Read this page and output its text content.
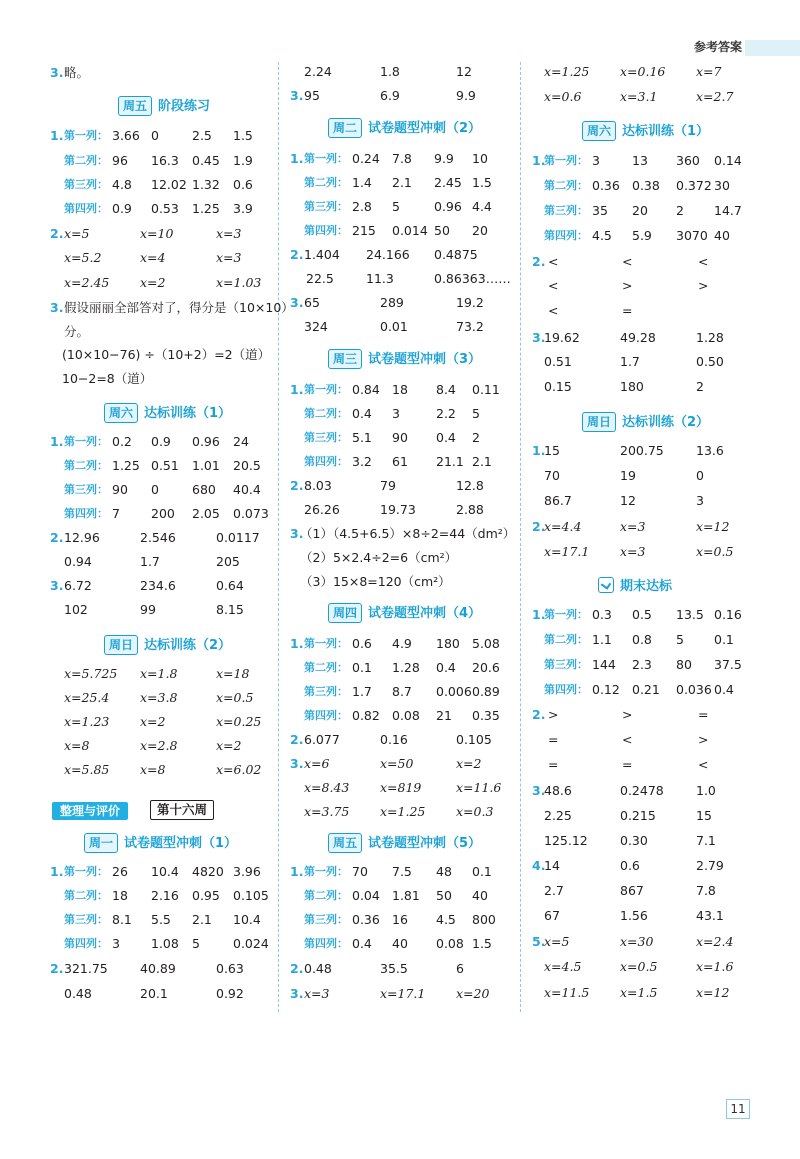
参考答案
3. 略。
周五 阶段练习
1. 第一列： 3.66 0	2.5 1.5
第二列： 96 16.3 0.45 1.9
第三列： 4.8 12.02 1.32 0.6
第四列： 0.9 0.53 1.25 3.9
2. x=5	x=10	x=3
x=5.2	x=4	x=3
x=2.45 x=2	x=1.03
3. 假设丽丽全部答对了，得分是（10×10）
分。
(10×10−76) ÷（10+2）=2（道）
10−2=8（道）
周六 达标训练（1）
1. 第一列： 0.2 0.9 0.96 24
第二列： 1.25 0.51 1.01 20.5
第三列： 90 0	680 40.4
第四列： 7 200 2.05 0.073
2. 12.96	2.546	0.0117
0.94	1.7	205
3. 6.72	234.6	0.64
102	99	8.15
周日 达标训练（2）
x=5.725 x=1.8	x=18
x=25.4 x=3.8	x=0.5
x=1.23 x=2	x=0.25
x=8	x=2.8	x=2
x=5.85 x=8	x=6.02
周一 试卷题型冲刺（1）
1. 第一列： 26 10.4 4820 3.96
第二列： 18 2.16 0.95 0.105
第三列： 8.1 5.5 2.1 10.4
第四列： 3 1.08 5	0.024
2. 321.75	40.89	0.63
0.48	20.1	0.92
2.24	1.8	12
3. 95	6.9	9.9
周二 试卷题型冲刺（2）
1. 第一列： 0.24 7.8 9.9 10
第二列： 1.4 2.1 2.45 1.5
第三列： 2.8 5	0.96 4.4
第四列： 215 0.014 50 20
2. 1.404 24.166 0.4875
22.5	11.3	0.86363……
3. 65	289	19.2
324	0.01	73.2
周三 试卷题型冲刺（3）
1. 第一列： 0.84 18 8.4 0.11
第二列： 0.4 3	2.2 5
第三列： 5.1 90 0.4 2
第四列： 3.2 61 21.1 2.1
2. 8.03	79	12.8
26.26	19.73	2.88
3.
（1）（4.5+6.5）×8÷2=44（dm²）
（2）5×2.4÷2=6（cm²）
（3）15×8=120（cm²）
周四 试卷题型冲刺（4）
1. 第一列： 0.6 4.9 180 5.08
第二列： 0.1 1.28 0.4 20.6
第三列： 1.7 8.7 0.006 0.89
第四列： 0.82 0.08 21 0.35
2. 6.077	0.16	0.105
3. x=6	x=50	x=2
x=8.43 x=819	x=11.6
x=3.75 x=1.25 x=0.3
周五 试卷题型冲刺（5）
1. 第一列： 70 7.5 48 0.1
第二列： 0.04 1.81 50 40
第三列： 0.36 16 4.5 800
第四列： 0.4 40 0.08 1.5
2. 0.48	35.5	6
3. x=3	x=17.1 x=20
x=1.25 x=0.16 x=7
x=0.6	x=3.1	x=2.7
周六 达标训练（1）
1.
第一列： 3	13 360 0.14
第二列： 0.36 0.38 0.372 30
第三列： 35 20 2 14.7
第四列： 4.5 5.9 3070 40
2. <	<	<
<	>	>
<	=
3.
19.62	49.28	1.28
0.51	1.7	0.50
0.15	180	2
周日 达标训练（2）
1.
15	200.75	13.6
70	19	0
86.7	12	3
2.
x=4.4	x=3	x=12
x=17.1 x=3	x=0.5
期末达标
1.
第一列： 0.3 0.5 13.5 0.16
第二列： 1.1 0.8 5 0.1
第三列： 144 2.3 80 37.5
第四列： 0.12 0.21 0.036 0.4
2. >	>	=
=	<	>
=	=	<
3.
48.6	0.2478	1.0
2.25	0.215	15
125.12	0.30	7.1
4.
14	0.6	2.79
2.7	867	7.8
67	1.56	43.1
5.
x=5	x=30	x=2.4
x=4.5	x=0.5	x=1.6
x=11.5 x=1.5	x=12
整理与评价	第十六周
11
